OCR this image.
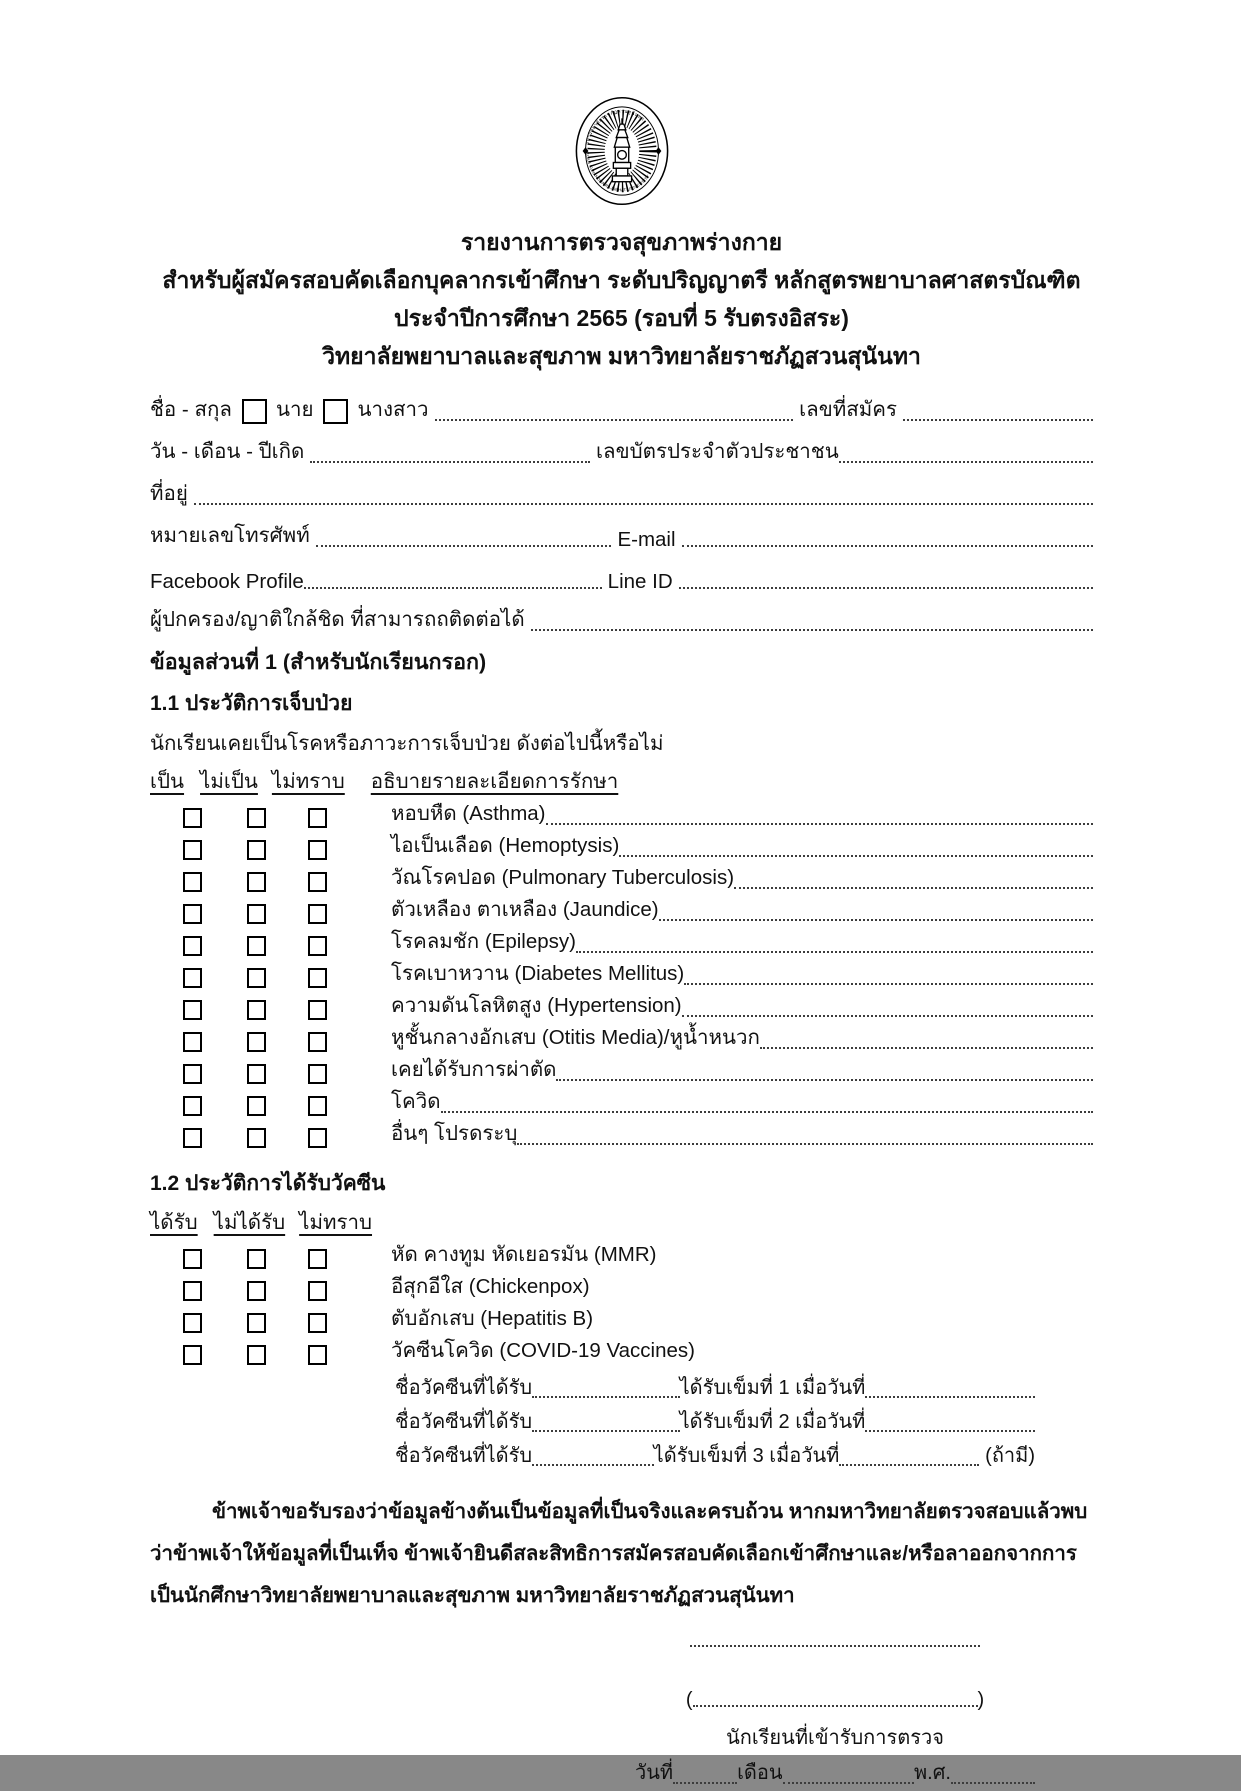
มหาวิทยาลัยราชภัฏสวนสุนันทา
SUAN SUNANDHA RAJABHAT UNIVERSITY
รายงานการตรวจสุขภาพร่างกาย
สำหรับผู้สมัครสอบคัดเลือกบุคลากรเข้าศึกษา ระดับปริญญาตรี หลักสูตรพยาบาลศาสตรบัณฑิต
ประจำปีการศึกษา 2565 (รอบที่ 5 รับตรงอิสระ)
วิทยาลัยพยาบาลและสุขภาพ มหาวิทยาลัยราชภัฏสวนสุนันทา
ชื่อ - สกุล นาย นางสาว	เลขที่สมัคร
วัน - เดือน - ปีเกิด	เลขบัตรประจำตัวประชาชน
ที่อยู่
หมายเลขโทรศัพท์	E-mail
Facebook Profile	Line ID
ผู้ปกครอง/ญาติใกล้ชิด ที่สามารถถติดต่อได้
ข้อมูลส่วนที่ 1 (สำหรับนักเรียนกรอก)
1.1 ประวัติการเจ็บป่วย
นักเรียนเคยเป็นโรคหรือภาวะการเจ็บป่วย ดังต่อไปนี้หรือไม่
เป็น ไม่เป็น ไม่ทราบ อธิบายรายละเอียดการรักษา
หอบหืด (Asthma)
ไอเป็นเลือด (Hemoptysis)
วัณโรคปอด (Pulmonary Tuberculosis)
ตัวเหลือง ตาเหลือง (Jaundice)
โรคลมชัก (Epilepsy)
โรคเบาหวาน (Diabetes Mellitus)
ความดันโลหิตสูง (Hypertension)
หูชั้นกลางอักเสบ (Otitis Media)/หูน้ำหนวก
เคยได้รับการผ่าตัด
โควิด
อื่นๆ โปรดระบุ
1.2 ประวัติการได้รับวัคซีน
ได้รับ ไม่ได้รับ ไม่ทราบ
หัด คางทูม หัดเยอรมัน (MMR)
อีสุกอีใส (Chickenpox)
ตับอักเสบ (Hepatitis B)
วัคซีนโควิด (COVID-19 Vaccines)
ชื่อวัคซีนที่ได้รับ	ได้รับเข็มที่ 1 เมื่อวันที่
ชื่อวัคซีนที่ได้รับ	ได้รับเข็มที่ 2 เมื่อวันที่
ชื่อวัคซีนที่ได้รับ	ได้รับเข็มที่ 3 เมื่อวันที่	(ถ้ามี)
ข้าพเจ้าขอรับรองว่าข้อมูลข้างต้นเป็นข้อมูลที่เป็นจริงและครบถ้วน หากมหาวิทยาลัยตรวจสอบแล้วพบว่าข้าพเจ้าให้ข้อมูลที่เป็นเท็จ ข้าพเจ้ายินดีสละสิทธิการสมัครสอบคัดเลือกเข้าศึกษาและ/หรือลาออกจากการเป็นนักศึกษาวิทยาลัยพยาบาลและสุขภาพ มหาวิทยาลัยราชภัฏสวนสุนันทา
(	)
นักเรียนที่เข้ารับการตรวจ
วันที่	เดือน	พ.ศ.
